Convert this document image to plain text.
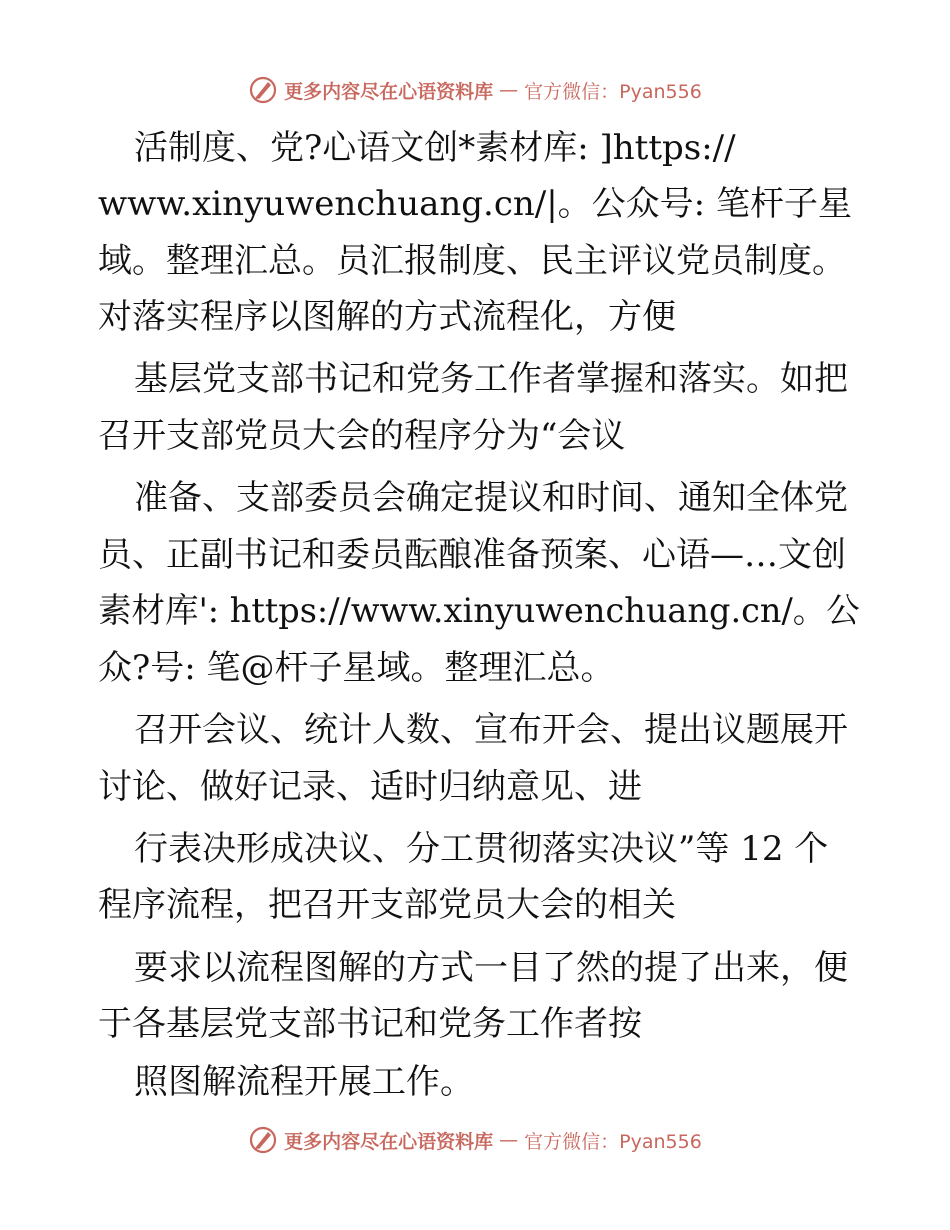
更多内容尽在心语资料库 — 官方微信：Pyan556
活制度、党?心语文创*素材库: ]https://
www.xinyuwenchuang.cn/|。公众号: 笔杆子星
域。整理汇总。员汇报制度、民主评议党员制度。
对落实程序以图解的方式流程化，方便
基层党支部书记和党务工作者掌握和落实。如把
召开支部党员大会的程序分为“会议
准备、支部委员会确定提议和时间、通知全体党
员、正副书记和委员酝酿准备预案、心语—…文创
素材库': https://www.xinyuwenchuang.cn/。公
众?号: 笔@杆子星域。整理汇总。
召开会议、统计人数、宣布开会、提出议题展开
讨论、做好记录、适时归纳意见、进
行表决形成决议、分工贯彻落实决议”等 12 个
程序流程，把召开支部党员大会的相关
要求以流程图解的方式一目了然的提了出来，便
于各基层党支部书记和党务工作者按
照图解流程开展工作。
更多内容尽在心语资料库 — 官方微信：Pyan556
